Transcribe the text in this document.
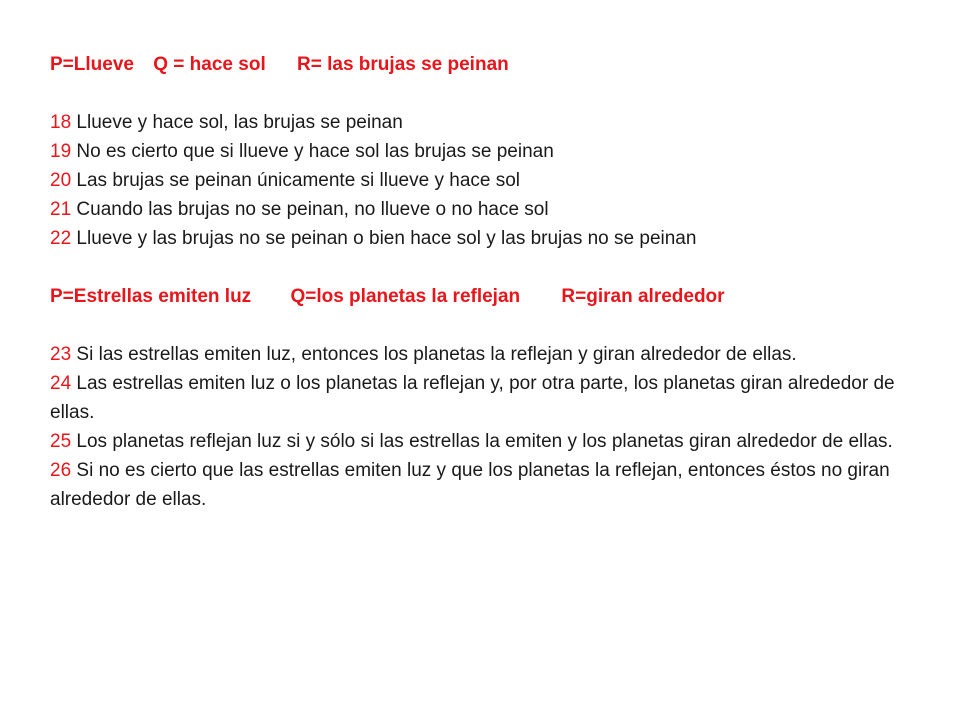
P=Llueve Q = hace sol R= las brujas se peinan
18 Llueve y hace sol, las brujas se peinan
19 No es cierto que si llueve y hace sol las brujas se peinan
20 Las brujas se peinan únicamente si llueve y hace sol
21 Cuando las brujas no se peinan, no llueve o no hace sol
22 Llueve y las brujas no se peinan o bien hace sol y las brujas no se peinan
P=Estrellas emiten luz Q=los planetas la reflejan R=giran alrededor
23 Si las estrellas emiten luz, entonces los planetas la reflejan y giran alrededor de ellas.
24 Las estrellas emiten luz o los planetas la reflejan y, por otra parte, los planetas giran alrededor de ellas.
25 Los planetas reflejan luz si y sólo si las estrellas la emiten y los planetas giran alrededor de ellas.
26 Si no es cierto que las estrellas emiten luz y que los planetas la reflejan, entonces éstos no giran alrededor de ellas.
